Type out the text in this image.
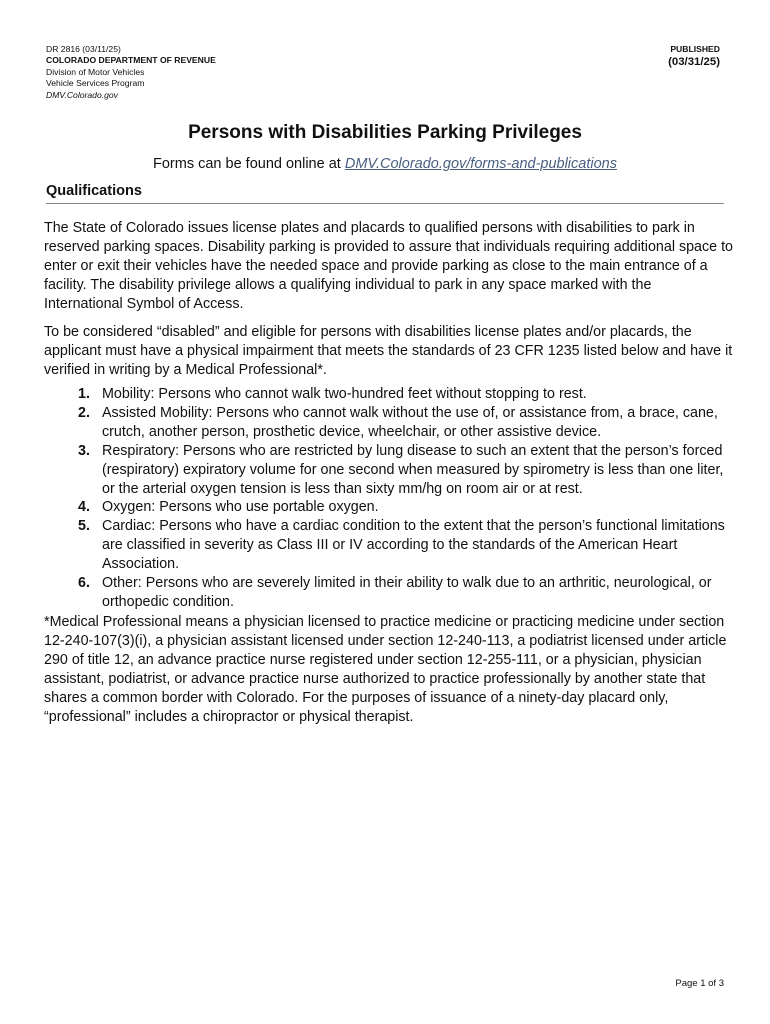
DR 2816 (03/11/25)
COLORADO DEPARTMENT OF REVENUE
Division of Motor Vehicles
Vehicle Services Program
DMV.Colorado.gov
PUBLISHED
(03/31/25)
Persons with Disabilities Parking Privileges
Forms can be found online at DMV.Colorado.gov/forms-and-publications
Qualifications

The State of Colorado issues license plates and placards to qualified persons with disabilities to park in reserved parking spaces. Disability parking is provided to assure that individuals requiring additional space to enter or exit their vehicles have the needed space and provide parking as close to the main entrance of a facility. The disability privilege allows a qualifying individual to park in any space marked with the International Symbol of Access.

To be considered “disabled” and eligible for persons with disabilities license plates and/or placards, the applicant must have a physical impairment that meets the standards of 23 CFR 1235 listed below and have it verified in writing by a Medical Professional*.

1. Mobility: Persons who cannot walk two-hundred feet without stopping to rest.
2. Assisted Mobility: Persons who cannot walk without the use of, or assistance from, a brace, cane, crutch, another person, prosthetic device, wheelchair, or other assistive device.
3. Respiratory: Persons who are restricted by lung disease to such an extent that the person’s forced (respiratory) expiratory volume for one second when measured by spirometry is less than one liter, or the arterial oxygen tension is less than sixty mm/hg on room air or at rest.
4. Oxygen: Persons who use portable oxygen.
5. Cardiac: Persons who have a cardiac condition to the extent that the person’s functional limitations are classified in severity as Class III or IV according to the standards of the American Heart Association.
6. Other: Persons who are severely limited in their ability to walk due to an arthritic, neurological, or orthopedic condition.

*Medical Professional means a physician licensed to practice medicine or practicing medicine under section 12-240-107(3)(i), a physician assistant licensed under section 12-240-113, a podiatrist licensed under article 290 of title 12, an advance practice nurse registered under section 12-255-111, or a physician, physician assistant, podiatrist, or advance practice nurse authorized to practice professionally by another state that shares a common border with Colorado. For the purposes of issuance of a ninety-day placard only, “professional” includes a chiropractor or physical therapist.

Page 1 of 3
